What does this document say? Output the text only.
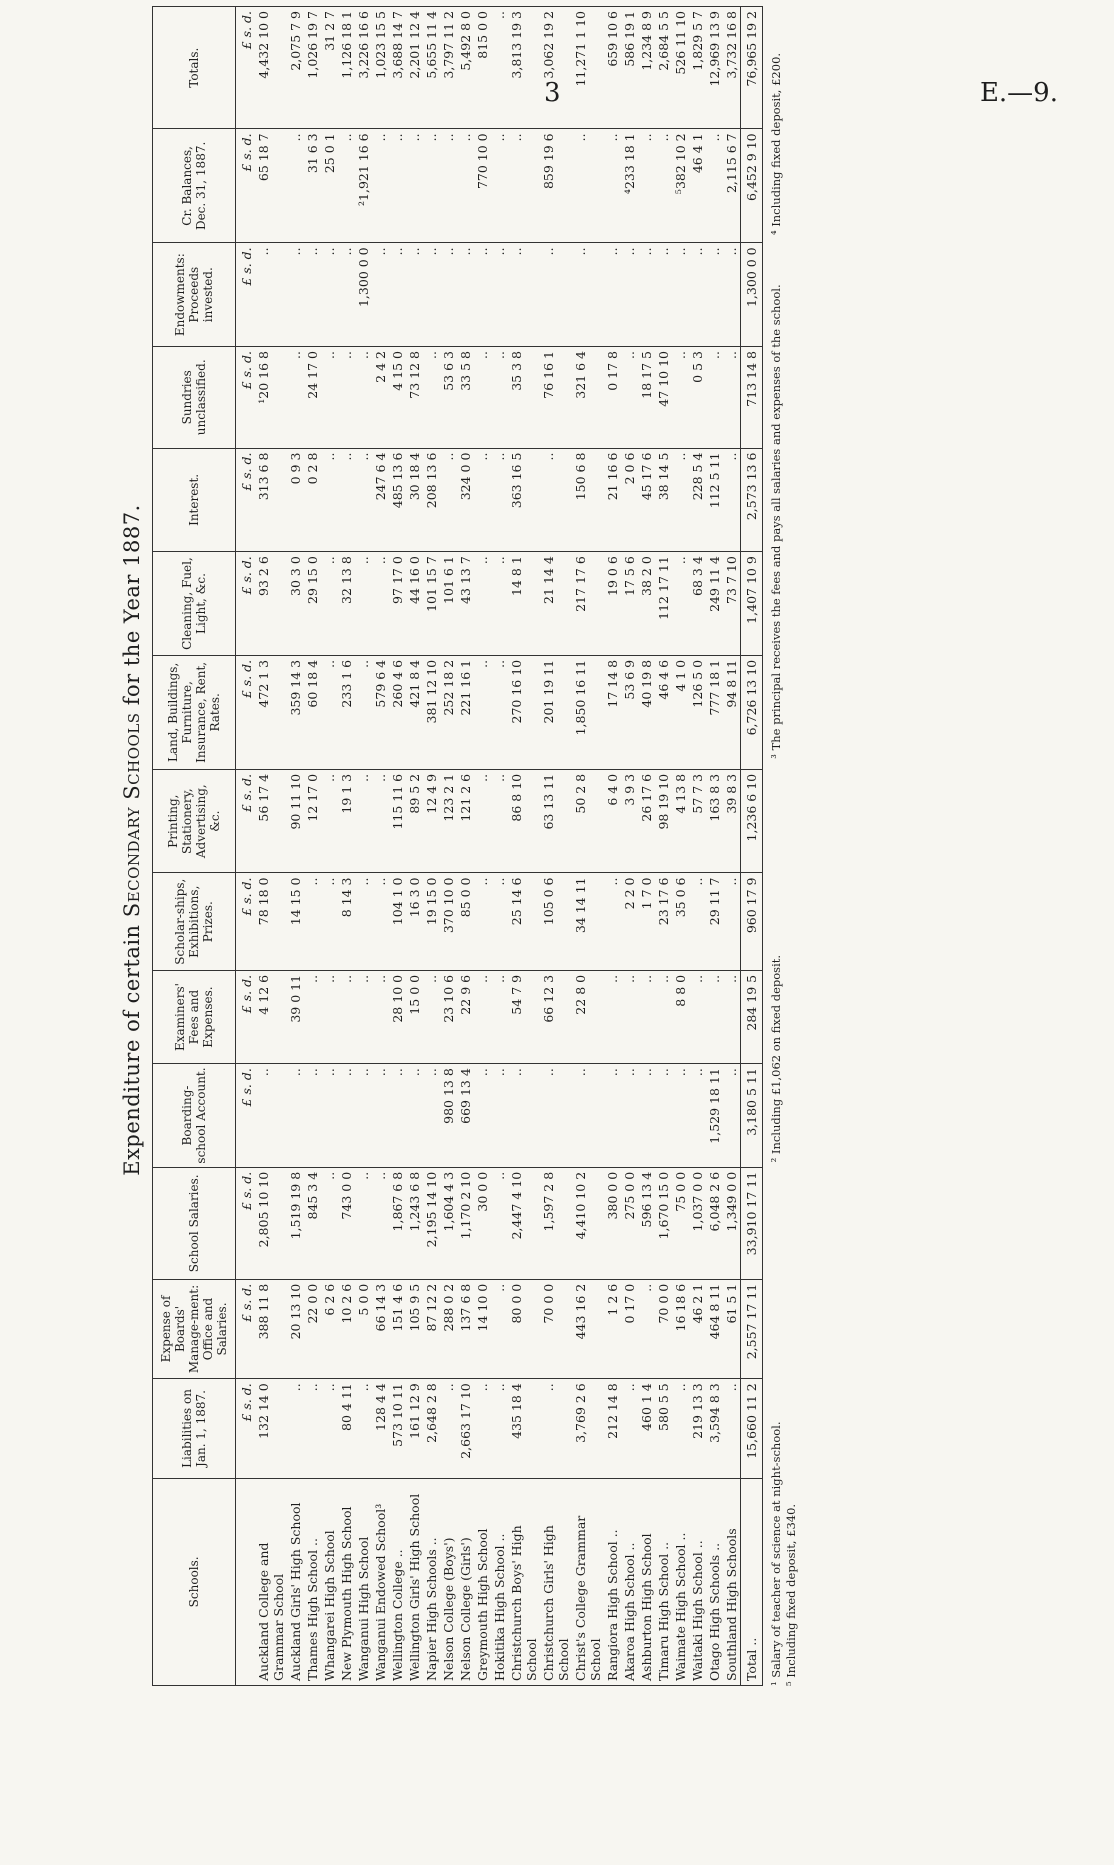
3	E.—9.
Expenditure of certain Secondary Schools for the Year 1887.
Schools.	Liabilities on Jan. 1, 1887.	Expense of Boards' Manage-ment: Office and Salaries.	School Salaries.	Boarding-school Account.	Examiners' Fees and Expenses.	Scholar-ships, Exhibitions, Prizes.	Printing, Stationery, Advertising, &c.	Land, Buildings, Furniture, Insurance, Rent, Rates.	Cleaning, Fuel, Light, &c.	Interest.	Sundries unclassified.	Endowments: Proceeds invested.	Cr. Balances, Dec. 31, 1887.	Totals.
	£ s. d.	£ s. d.	£ s. d.	£ s. d.	£ s. d.	£ s. d.	£ s. d.	£ s. d.	£ s. d.	£ s. d.	£ s. d.	£ s. d.	£ s. d.	£ s. d.
Auckland College and Grammar School	132 14 0	388 11 8	2,805 10 10	..	4 12 6	78 18 0	56 17 4	472 1 3	93 2 6	313 6 8	¹20 16 8	..	65 18 7	4,432 10 0
Auckland Girls' High School	..	20 13 10	1,519 19 8	..	39 0 11	14 15 0	90 11 10	359 14 3	30 3 0	0 9 3	..	..	..	2,075 7 9
Thames High School ..	..	22 0 0	845 3 4	..	..	..	12 17 0	60 18 4	29 15 0	0 2 8	24 17 0	..	31 6 3	1,026 19 7
Whangarei High School	..	6 2 6	..	..	..	..	..	..	..	..	..	..	25 0 1	31 2 7
New Plymouth High School	80 4 11	10 2 6	743 0 0	..	..	8 14 3	19 1 3	233 1 6	32 13 8	..	..	..	..	1,126 18 1
Wanganui High School	..	5 0 0	..	..	..	..	..	..	..	..	..	1,300 0 0	²1,921 16 6	3,226 16 6
Wanganui Endowed School³	128 4 4	66 14 3	..	..	..	..	..	579 6 4	..	247 6 4	2 4 2	..	..	1,023 15 5
Wellington College ..	573 10 11	151 4 6	1,867 6 8	..	28 10 0	104 1 0	115 11 6	260 4 6	97 17 0	485 13 6	4 15 0	..	..	3,688 14 7
Wellington Girls' High School	161 12 9	105 9 5	1,243 6 8	..	15 0 0	16 3 0	89 5 2	421 8 4	44 16 0	30 18 4	73 12 8	..	..	2,201 12 4
Napier High Schools ..	2,648 2 8	87 12 2	2,195 14 10	..	..	19 15 0	12 4 9	381 12 10	101 15 7	208 13 6	..	..	..	5,655 11 4
Nelson College (Boys')	..	288 0 2	1,604 4 3	980 13 8	23 10 6	370 10 0	123 2 1	252 18 2	101 6 1	..	53 6 3	..	..	3,797 11 2
Nelson College (Girls')	2,663 17 10	137 6 8	1,170 2 10	669 13 4	22 9 6	85 0 0	121 2 6	221 16 1	43 13 7	324 0 0	33 5 8	..	..	5,492 8 0
Greymouth High School	..	14 10 0	30 0 0	..	..	..	..	..	..	..	..	..	770 10 0	815 0 0
Hokitika High School ..	..	..	..	..	..	..	..	..	..	..	..	..	..	..
Christchurch Boys' High School	435 18 4	80 0 0	2,447 4 10	..	54 7 9	25 14 6	86 8 10	270 16 10	14 8 1	363 16 5	35 3 8	..	..	3,813 19 3
Christchurch Girls' High School	..	70 0 0	1,597 2 8	..	66 12 3	105 0 6	63 13 11	201 19 11	21 14 4	..	76 16 1	..	859 19 6	3,062 19 2
Christ's College Grammar School	3,769 2 6	443 16 2	4,410 10 2	..	22 8 0	34 14 11	50 2 8	1,850 16 11	217 17 6	150 6 8	321 6 4	..	..	11,271 1 10
Rangiora High School ..	212 14 8	1 2 6	380 0 0	..	..	..	6 4 0	17 14 8	19 0 6	21 16 6	0 17 8	..	..	659 10 6
Akaroa High School ..	..	0 17 0	275 0 0	..	..	2 2 0	3 9 3	53 6 9	17 5 6	2 0 6	..	..	⁴233 18 1	586 19 1
Ashburton High School	460 1 4	..	596 13 4	..	..	1 7 0	26 17 6	40 19 8	38 2 0	45 17 6	18 17 5	..	..	1,234 8 9
Timaru High School ..	580 5 5	70 0 0	1,670 15 0	..	..	23 17 6	98 19 10	46 4 6	112 17 11	38 14 5	47 10 10	..	..	2,684 5 5
Waimate High School ..	..	16 18 6	75 0 0	..	8 8 0	35 0 6	4 13 8	4 1 0	..	..	..	..	⁵382 10 2	526 11 10
Waitaki High School ..	219 13 3	46 2 1	1,037 0 0	..	..	..	57 7 3	126 5 0	68 3 4	228 5 4	0 5 3	..	46 4 1	1,829 5 7
Otago High Schools ..	3,594 8 3	464 8 11	6,048 2 6	1,529 18 11	..	29 11 7	163 8 3	777 18 1	249 11 4	112 5 11	..	..	..	12,969 13 9
Southland High Schools	..	61 5 1	1,349 0 0	..	..	..	39 8 3	94 8 11	73 7 10	..	..	..	2,115 6 7	3,732 16 8
Total ..	15,660 11 2	2,557 17 11	33,910 17 11	3,180 5 11	284 19 5	960 17 9	1,236 6 10	6,726 13 10	1,407 10 9	2,573 13 6	713 14 8	1,300 0 0	6,452 9 10	76,965 19 2
¹ Salary of teacher of science at night-school. ² Including £1,062 on fixed deposit. ³ The principal receives the fees and pays all salaries and expenses of the school. ⁴ Including fixed deposit, £200.
⁵ Including fixed deposit, £340.
